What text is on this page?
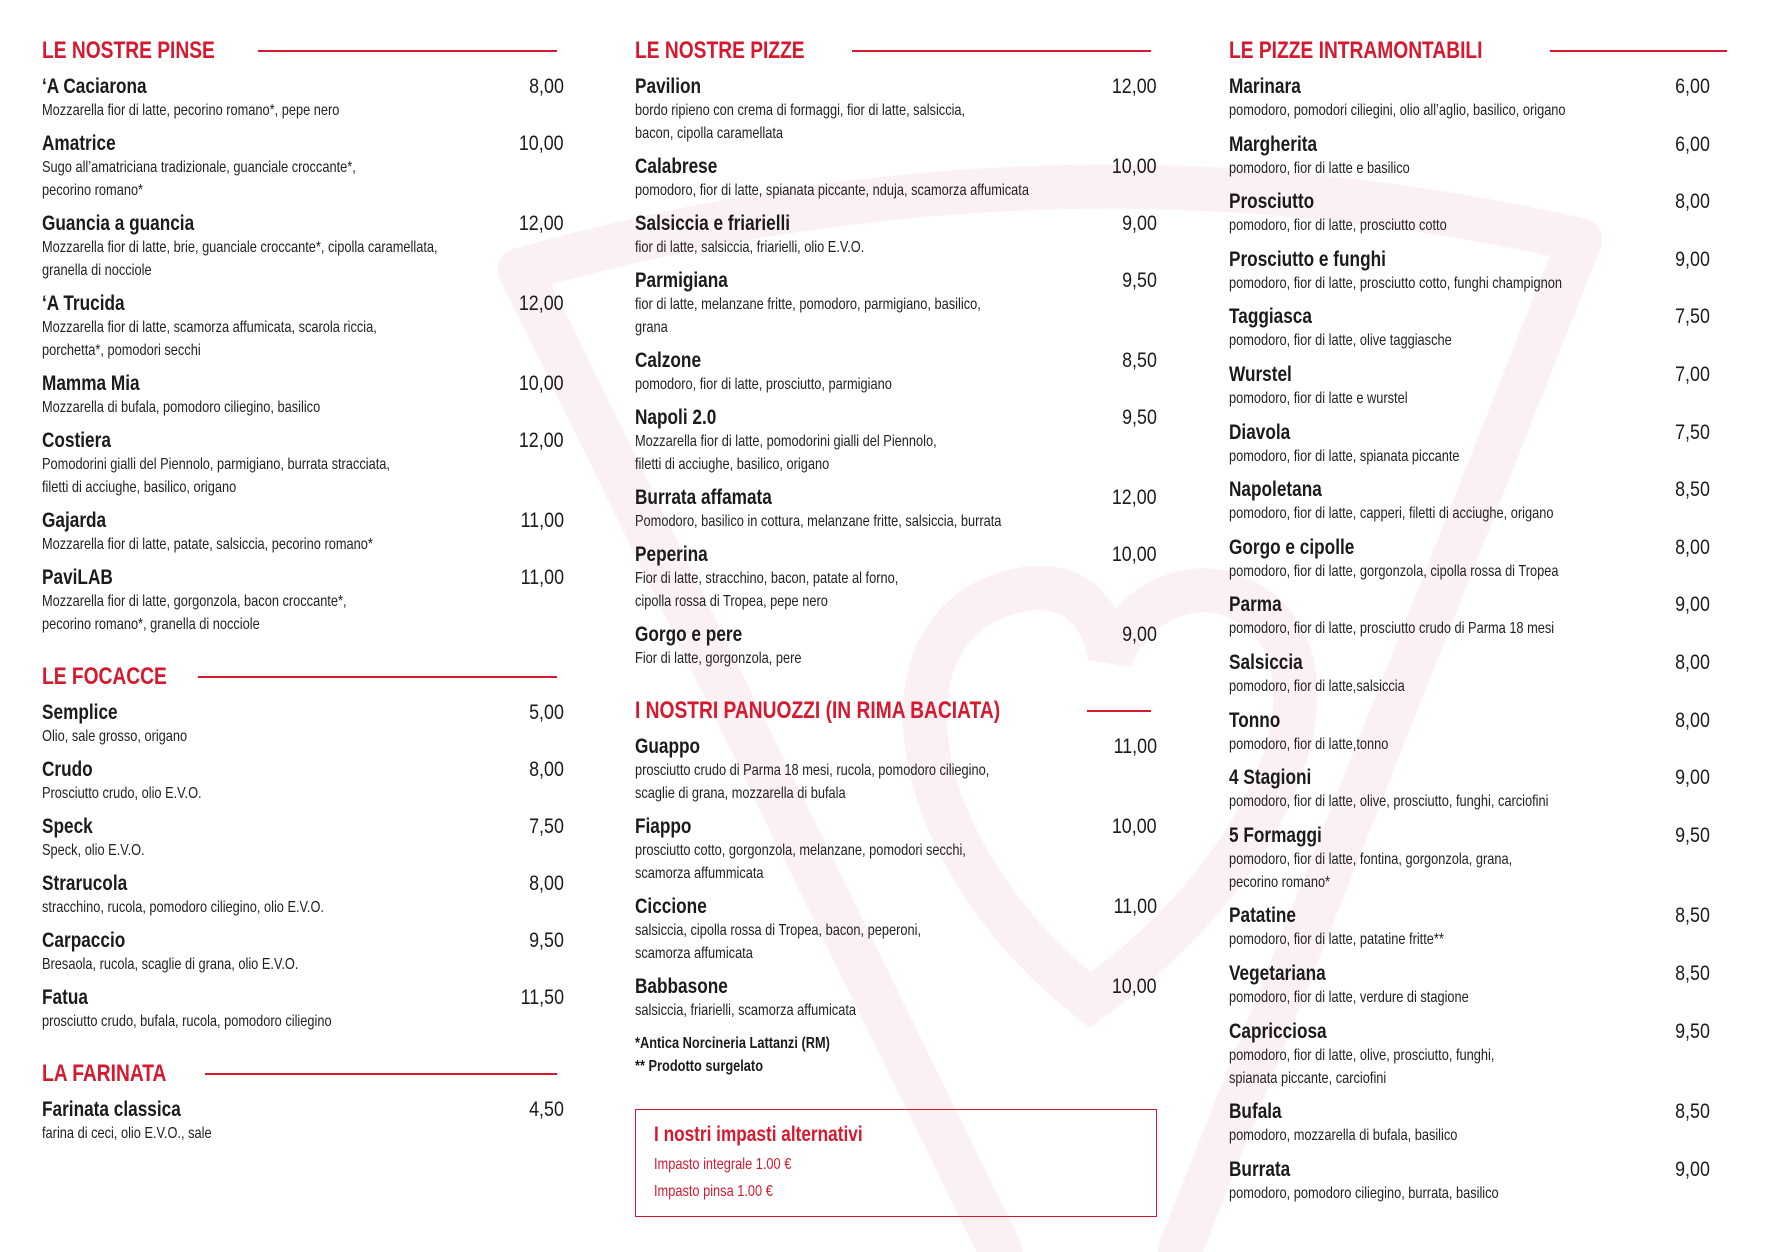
LE NOSTRE PINSE
‘A Caciarona	8,00
Mozzarella fior di latte, pecorino romano*, pepe nero
Amatrice	10,00
Sugo all’amatriciana tradizionale, guanciale croccante*,
pecorino romano*
Guancia a guancia	12,00
Mozzarella fior di latte, brie, guanciale croccante*, cipolla caramellata,
granella di nocciole
‘A Trucida	12,00
Mozzarella fior di latte, scamorza affumicata, scarola riccia,
porchetta*, pomodori secchi
Mamma Mia	10,00
Mozzarella di bufala, pomodoro ciliegino, basilico
Costiera	12,00
Pomodorini gialli del Piennolo, parmigiano, burrata stracciata,
filetti di acciughe, basilico, origano
Gajarda	11,00
Mozzarella fior di latte, patate, salsiccia, pecorino romano*
PaviLAB	11,00
Mozzarella fior di latte, gorgonzola, bacon croccante*,
pecorino romano*, granella di nocciole
LE FOCACCE
Semplice	5,00
Olio, sale grosso, origano
Crudo	8,00
Prosciutto crudo, olio E.V.O.
Speck	7,50
Speck, olio E.V.O.
Strarucola	8,00
stracchino, rucola, pomodoro ciliegino, olio E.V.O.
Carpaccio	9,50
Bresaola, rucola, scaglie di grana, olio E.V.O.
Fatua	11,50
prosciutto crudo, bufala, rucola, pomodoro ciliegino
LA FARINATA
Farinata classica	4,50
farina di ceci, olio E.V.O., sale
LE NOSTRE PIZZE
Pavilion	12,00
bordo ripieno con crema di formaggi, fior di latte, salsiccia,
bacon, cipolla caramellata
Calabrese	10,00
pomodoro, fior di latte, spianata piccante, nduja, scamorza affumicata
Salsiccia e friarielli	9,00
fior di latte, salsiccia, friarielli, olio E.V.O.
Parmigiana	9,50
fior di latte, melanzane fritte, pomodoro, parmigiano, basilico,
grana
Calzone	8,50
pomodoro, fior di latte, prosciutto, parmigiano
Napoli 2.0	9,50
Mozzarella fior di latte, pomodorini gialli del Piennolo,
filetti di acciughe, basilico, origano
Burrata affamata	12,00
Pomodoro, basilico in cottura, melanzane fritte, salsiccia, burrata
Peperina	10,00
Fior di latte, stracchino, bacon, patate al forno,
cipolla rossa di Tropea, pepe nero
Gorgo e pere	9,00
Fior di latte, gorgonzola, pere
I NOSTRI PANUOZZI (IN RIMA BACIATA)
Guappo	11,00
prosciutto crudo di Parma 18 mesi, rucola, pomodoro ciliegino,
scaglie di grana, mozzarella di bufala
Fiappo	10,00
prosciutto cotto, gorgonzola, melanzane, pomodori secchi,
scamorza affummicata
Ciccione	11,00
salsiccia, cipolla rossa di Tropea, bacon, peperoni,
scamorza affumicata
Babbasone	10,00
salsiccia, friarielli, scamorza affumicata
*Antica Norcineria Lattanzi (RM)
** Prodotto surgelato
LE PIZZE INTRAMONTABILI
Marinara	6,00
pomodoro, pomodori ciliegini, olio all’aglio, basilico, origano
Margherita	6,00
pomodoro, fior di latte e basilico
Prosciutto	8,00
pomodoro, fior di latte, prosciutto cotto
Prosciutto e funghi	9,00
pomodoro, fior di latte, prosciutto cotto, funghi champignon
Taggiasca	7,50
pomodoro, fior di latte, olive taggiasche
Wurstel	7,00
pomodoro, fior di latte e wurstel
Diavola	7,50
pomodoro, fior di latte, spianata piccante
Napoletana	8,50
pomodoro, fior di latte, capperi, filetti di acciughe, origano
Gorgo e cipolle	8,00
pomodoro, fior di latte, gorgonzola, cipolla rossa di Tropea
Parma	9,00
pomodoro, fior di latte, prosciutto crudo di Parma 18 mesi
Salsiccia	8,00
pomodoro, fior di latte,salsiccia
Tonno	8,00
pomodoro, fior di latte,tonno
4 Stagioni	9,00
pomodoro, fior di latte, olive, prosciutto, funghi, carciofini
5 Formaggi	9,50
pomodoro, fior di latte, fontina, gorgonzola, grana,
pecorino romano*
Patatine	8,50
pomodoro, fior di latte, patatine fritte**
Vegetariana	8,50
pomodoro, fior di latte, verdure di stagione
Capricciosa	9,50
pomodoro, fior di latte, olive, prosciutto, funghi,
spianata piccante, carciofini
Bufala	8,50
pomodoro, mozzarella di bufala, basilico
Burrata	9,00
pomodoro, pomodoro ciliegino, burrata, basilico
I nostri impasti alternativi
Impasto integrale 1.00 €
Impasto pinsa 1.00 €
